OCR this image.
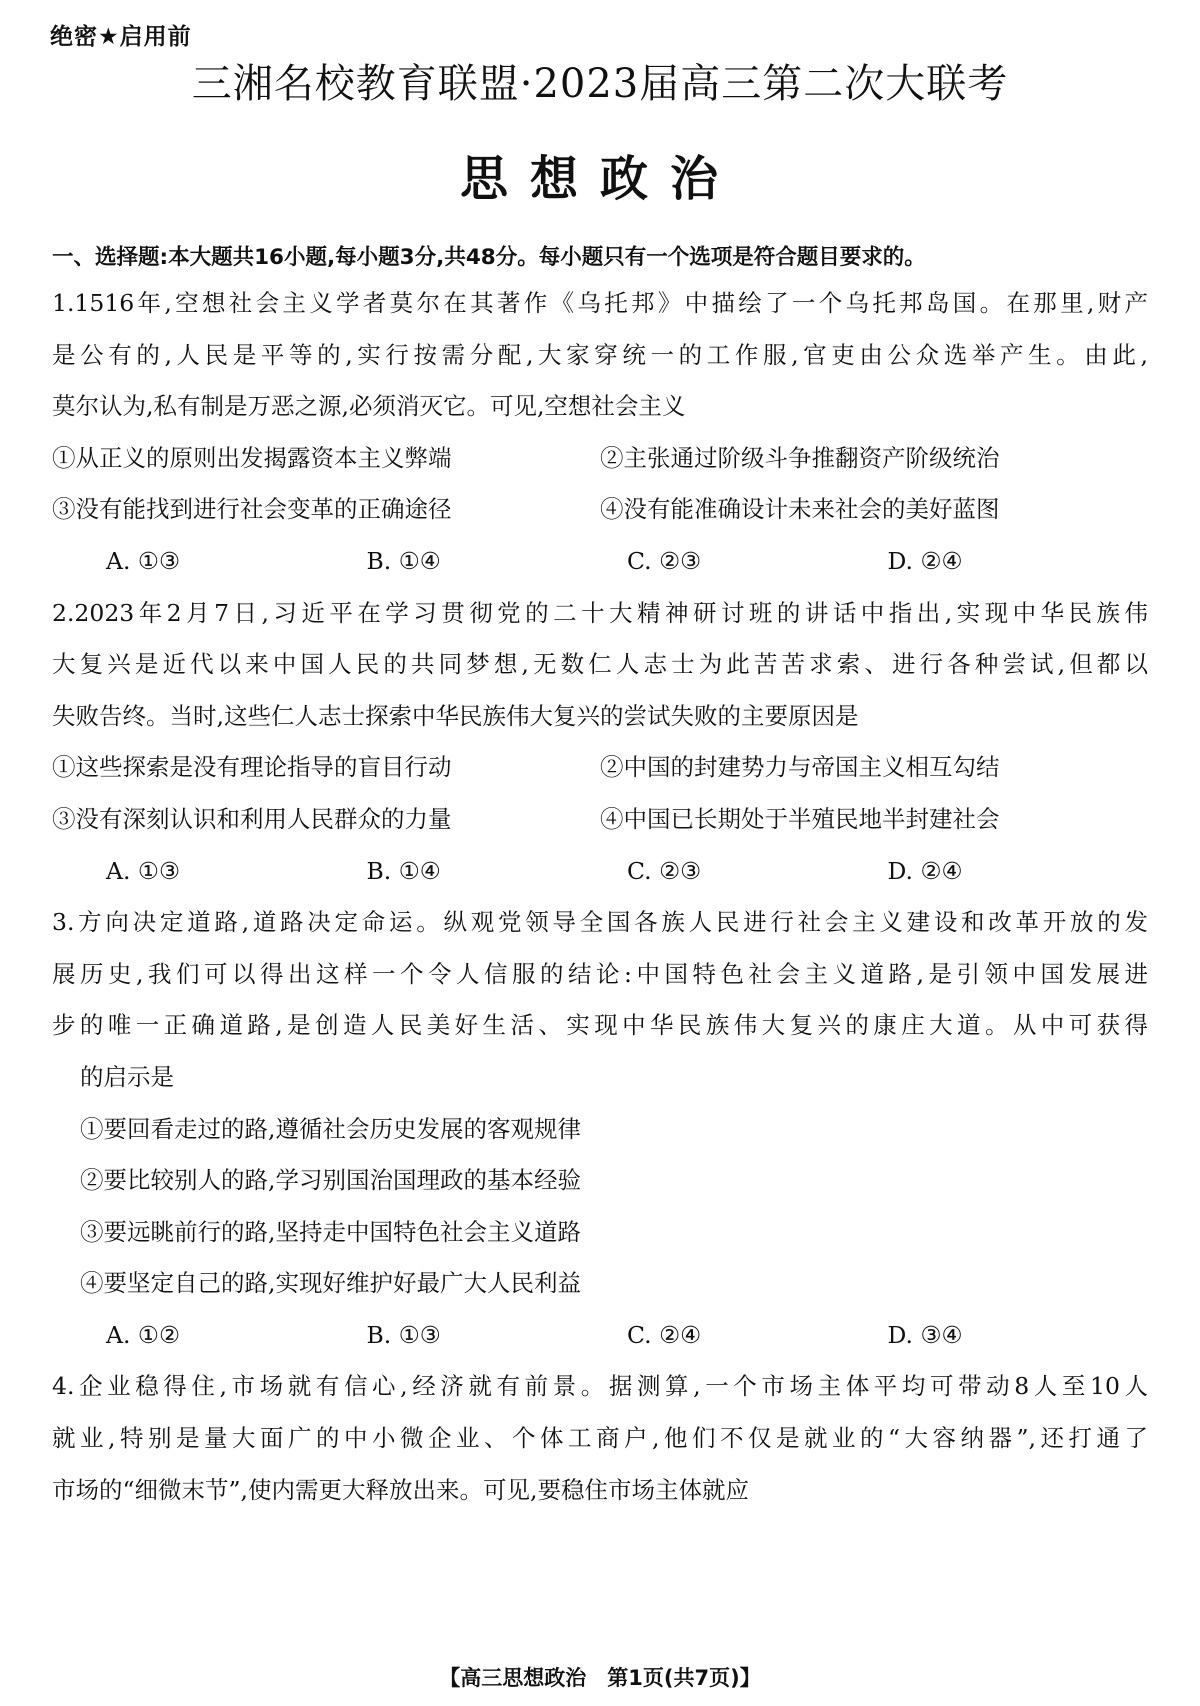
绝密★启用前
三湘名校教育联盟·2023届高三第二次大联考
思想政治
一、选择题:本大题共16小题,每小题3分,共48分。每小题只有一个选项是符合题目要求的。
1.1516年,空想社会主义学者莫尔在其著作《乌托邦》中描绘了一个乌托邦岛国。在那里,财产
是公有的,人民是平等的,实行按需分配,大家穿统一的工作服,官吏由公众选举产生。由此,
莫尔认为,私有制是万恶之源,必须消灭它。可见,空想社会主义
①从正义的原则出发揭露资本主义弊端	②主张通过阶级斗争推翻资产阶级统治
③没有能找到进行社会变革的正确途径	④没有能准确设计未来社会的美好蓝图
A. ①③	B. ①④	C. ②③	D. ②④
2.2023年2月7日,习近平在学习贯彻党的二十大精神研讨班的讲话中指出,实现中华民族伟
大复兴是近代以来中国人民的共同梦想,无数仁人志士为此苦苦求索、进行各种尝试,但都以
失败告终。当时,这些仁人志士探索中华民族伟大复兴的尝试失败的主要原因是
①这些探索是没有理论指导的盲目行动	②中国的封建势力与帝国主义相互勾结
③没有深刻认识和利用人民群众的力量	④中国已长期处于半殖民地半封建社会
A. ①③	B. ①④	C. ②③	D. ②④
3.方向决定道路,道路决定命运。纵观党领导全国各族人民进行社会主义建设和改革开放的发
展历史,我们可以得出这样一个令人信服的结论:中国特色社会主义道路,是引领中国发展进
步的唯一正确道路,是创造人民美好生活、实现中华民族伟大复兴的康庄大道。从中可获得
的启示是
①要回看走过的路,遵循社会历史发展的客观规律
②要比较别人的路,学习别国治国理政的基本经验
③要远眺前行的路,坚持走中国特色社会主义道路
④要坚定自己的路,实现好维护好最广大人民利益
A. ①②	B. ①③	C. ②④	D. ③④
4.企业稳得住,市场就有信心,经济就有前景。据测算,一个市场主体平均可带动8人至10人
就业,特别是量大面广的中小微企业、个体工商户,他们不仅是就业的“大容纳器”,还打通了
市场的“细微末节”,使内需更大释放出来。可见,要稳住市场主体就应
【高三思想政治　第1页(共7页)】
